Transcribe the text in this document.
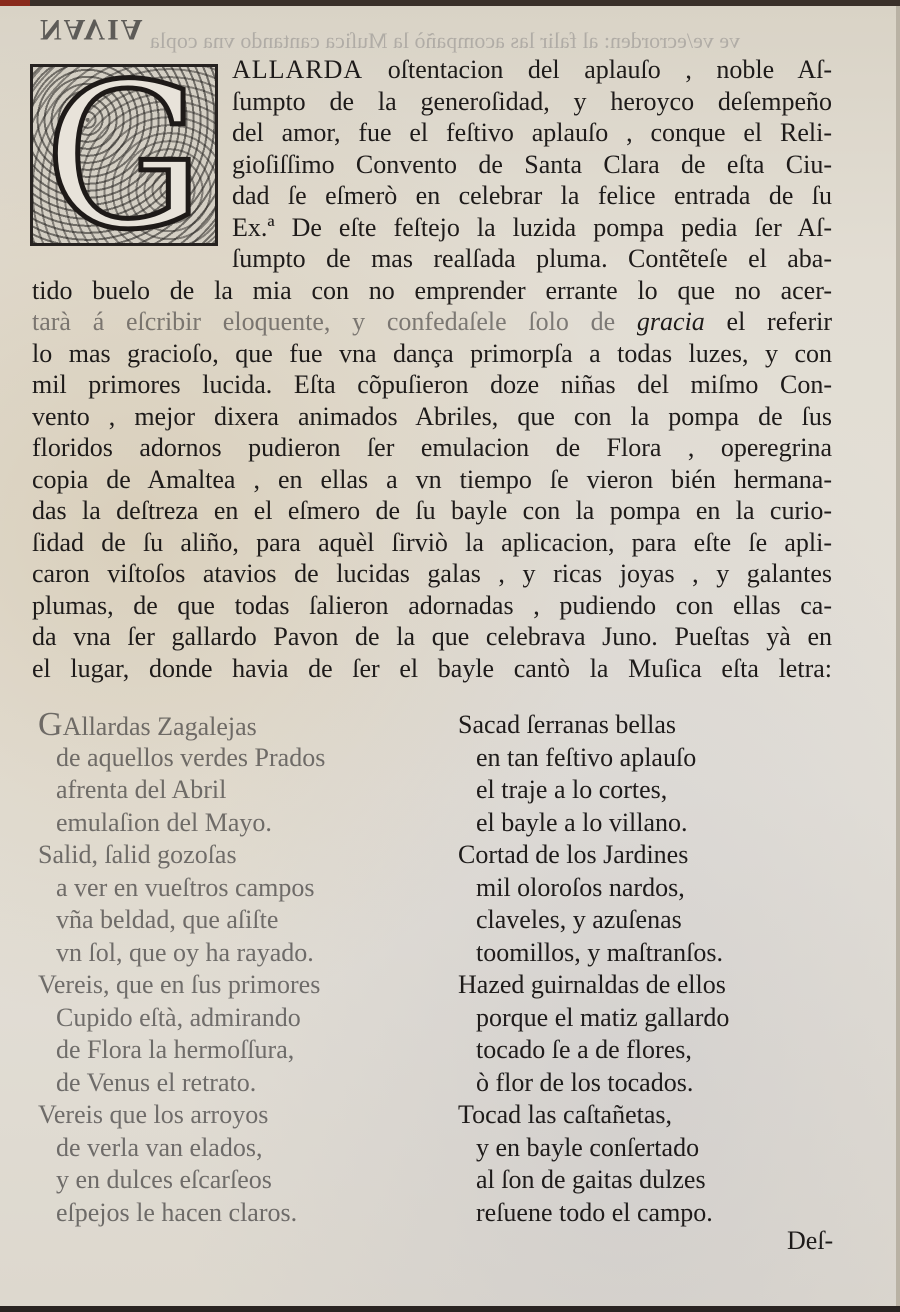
NAVIA ve ve/ecrorden: al falir las acompañò la Muſica cantando vna copla
G	ALLARDA oſtentacion del aplauſo , noble Aſ-
ſumpto de la generoſidad, y heroyco deſempeño
del amor, fue el feſtivo aplauſo , conque el Reli-
gioſiſſimo Convento de Santa Clara de eſta Ciu-
dad ſe eſmerò en celebrar la felice entrada de ſu
Ex.ª De eſte feſtejo la luzida pompa pedia ſer Aſ-
ſumpto de mas realſada pluma. Contẽteſe el aba-
tido buelo de la mia con no emprender errante lo que no acer-
tarà á eſcribir eloquente, y confedaſele ſolo de gracia el referir
lo mas gracioſo, que fue vna dança primorpſa a todas luzes, y con
mil primores lucida. Eſta cõpuſieron doze niñas del miſmo Con-
vento , mejor dixera animados Abriles, que con la pompa de ſus
floridos adornos pudieron ſer emulacion de Flora , operegrina
copia de Amaltea , en ellas a vn tiempo ſe vieron bién hermana-
das la deſtreza en el eſmero de ſu bayle con la pompa en la curio-
ſidad de ſu aliño, para aquèl ſirviò la aplicacion, para eſte ſe apli-
caron viſtoſos atavios de lucidas galas , y ricas joyas , y galantes
plumas, de que todas ſalieron adornadas , pudiendo con ellas ca-
da vna ſer gallardo Pavon de la que celebrava Juno. Pueſtas yà en
el lugar, donde havia de ſer el bayle cantò la Muſica eſta letra:
GAllardas Zagalejas
de aquellos verdes Prados
afrenta del Abril
emulaſion del Mayo.
Salid, ſalid gozoſas
a ver en vueſtros campos
vña beldad, que aſiſte
vn ſol, que oy ha rayado.
Vereis, que en ſus primores
Cupido eſtà, admirando
de Flora la hermoſſura,
de Venus el retrato.
Vereis que los arroyos
de verla van elados,
y en dulces eſcarſeos
eſpejos le hacen claros.
Sacad ſerranas bellas
en tan feſtivo aplauſo
el traje a lo cortes,
el bayle a lo villano.
Cortad de los Jardines
mil oloroſos nardos,
claveles, y azuſenas
toomillos, y maſtranſos.
Hazed guirnaldas de ellos
porque el matiz gallardo
tocado ſe a de flores,
ò flor de los tocados.
Tocad las caſtañetas,
y en bayle conſertado
al ſon de gaitas dulzes
reſuene todo el campo.
Deſ-
